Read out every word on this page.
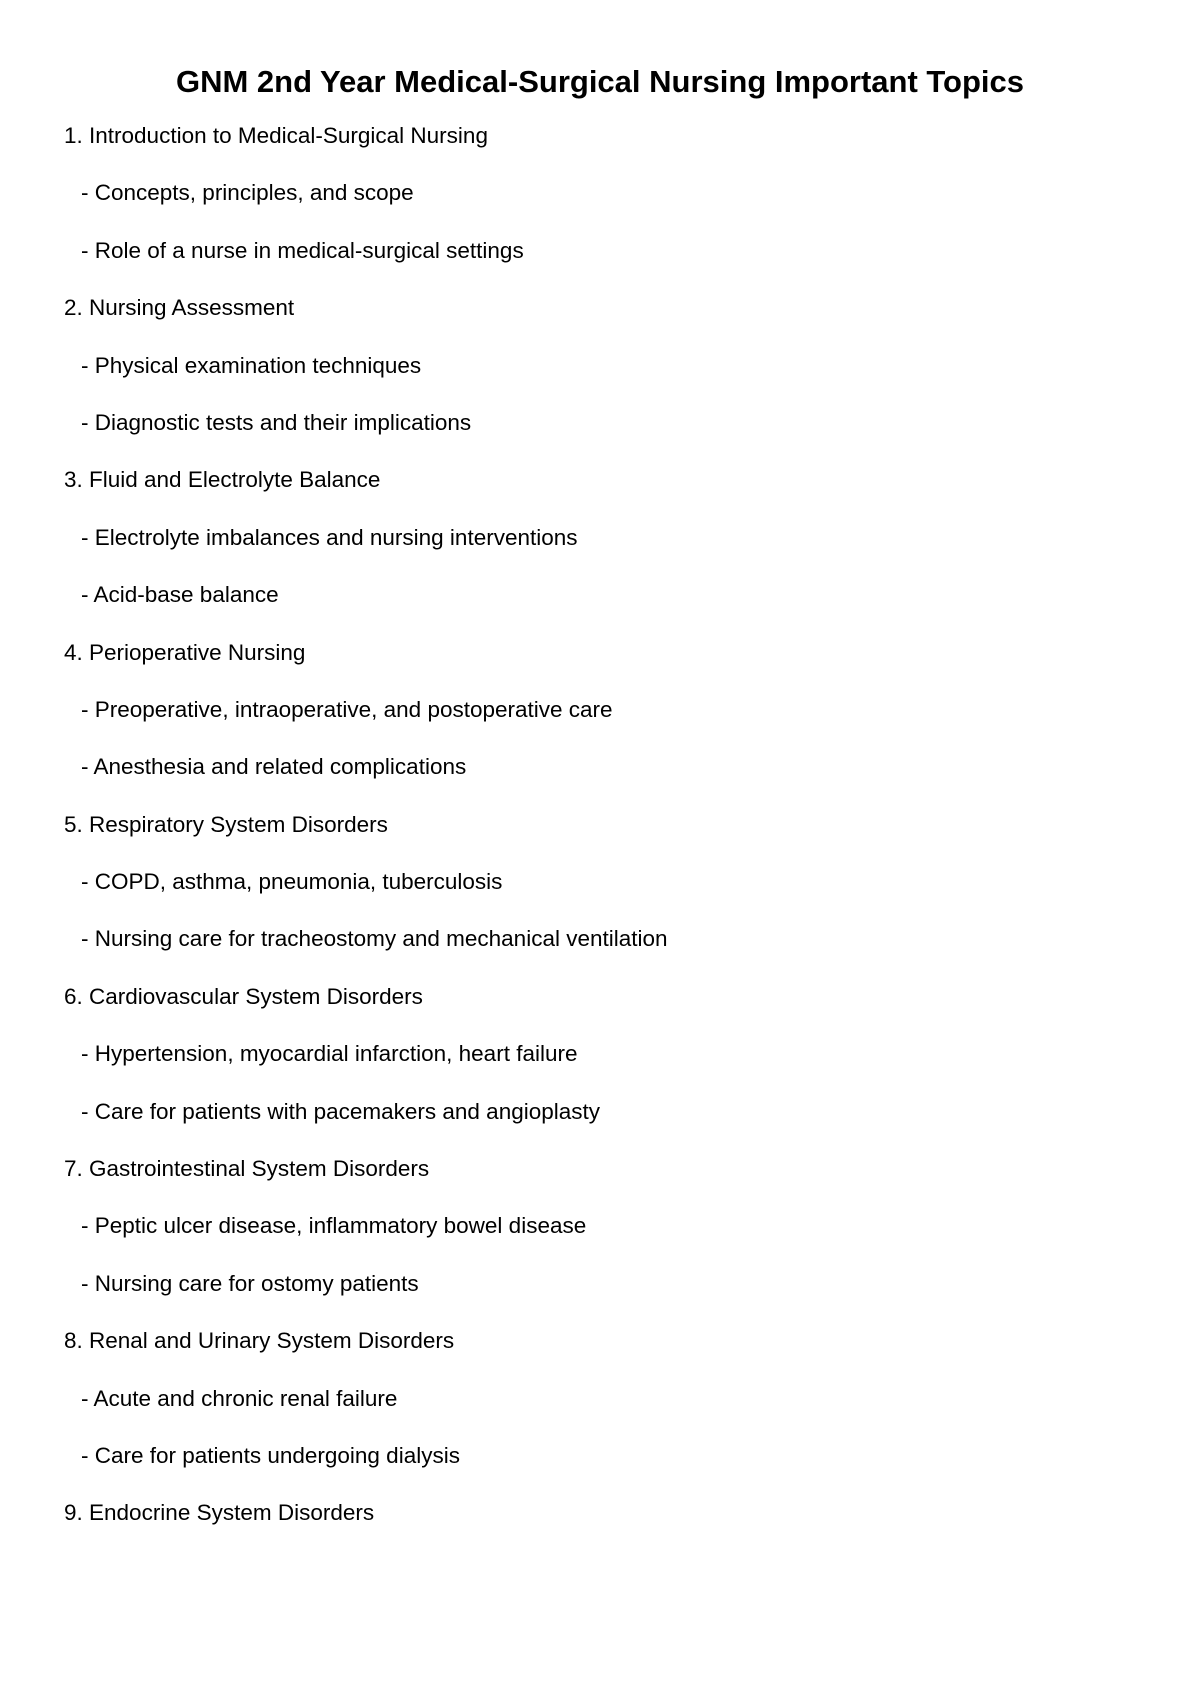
GNM 2nd Year Medical-Surgical Nursing Important Topics
1. Introduction to Medical-Surgical Nursing
- Concepts, principles, and scope
- Role of a nurse in medical-surgical settings
2. Nursing Assessment
- Physical examination techniques
- Diagnostic tests and their implications
3. Fluid and Electrolyte Balance
- Electrolyte imbalances and nursing interventions
- Acid-base balance
4. Perioperative Nursing
- Preoperative, intraoperative, and postoperative care
- Anesthesia and related complications
5. Respiratory System Disorders
- COPD, asthma, pneumonia, tuberculosis
- Nursing care for tracheostomy and mechanical ventilation
6. Cardiovascular System Disorders
- Hypertension, myocardial infarction, heart failure
- Care for patients with pacemakers and angioplasty
7. Gastrointestinal System Disorders
- Peptic ulcer disease, inflammatory bowel disease
- Nursing care for ostomy patients
8. Renal and Urinary System Disorders
- Acute and chronic renal failure
- Care for patients undergoing dialysis
9. Endocrine System Disorders
